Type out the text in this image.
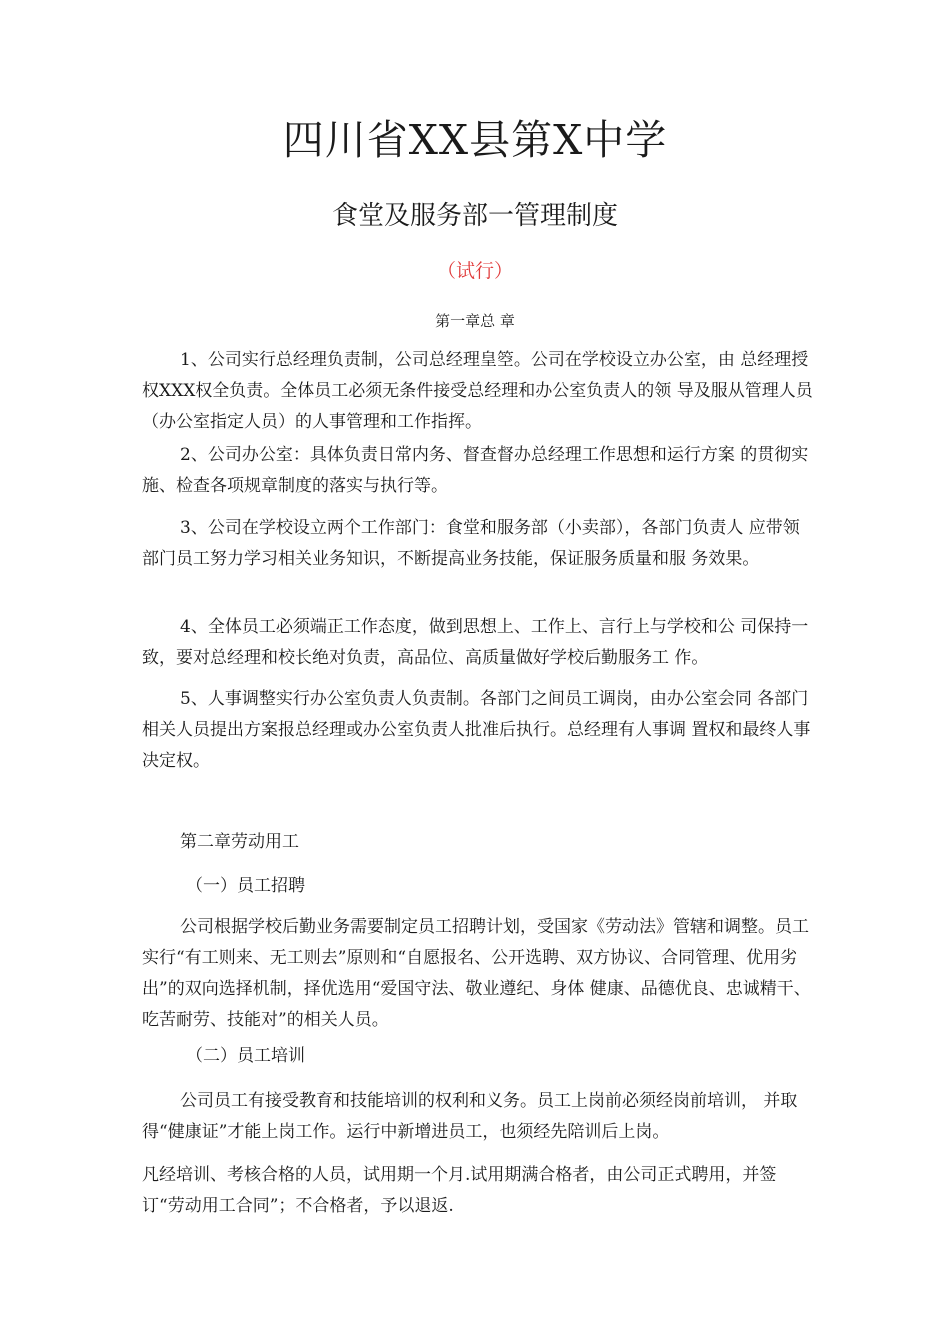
四川省XX县第X中学
食堂及服务部一管理制度
（试行）
第一章总 章

1、公司实行总经理负责制，公司总经理皇箜。公司在学校设立办公室，由 总经理授权XXX权全负责。全体员工必须无条件接受总经理和办公室负责人的领 导及服从管理人员（办公室指定人员）的人事管理和工作指挥。

2、公司办公室：具体负责日常内务、督查督办总经理工作思想和运行方案 的贯彻实施、检查各项规章制度的落实与执行等。

3、公司在学校设立两个工作部门：食堂和服务部（小卖部），各部门负责人 应带领部门员工努力学习相关业务知识，不断提高业务技能，保证服务质量和服 务效果。

4、全体员工必须端正工作态度，做到思想上、工作上、言行上与学校和公 司保持一致，要对总经理和校长绝对负责，高品位、高质量做好学校后勤服务工 作。

5、人事调整实行办公室负责人负责制。各部门之间员工调岗，由办公室会同 各部门相关人员提出方案报总经理或办公室负责人批准后执行。总经理有人事调 置权和最终人事决定权。

第二章劳动用工
（一）员工招聘

公司根据学校后勤业务需要制定员工招聘计划，受国家《劳动法》管辖和调整。员工实行“有工则来、无工则去”原则和“自愿报名、公开选聘、双方协议、合同管理、优用劣出”的双向选择机制，择优选用“爱国守法、敬业遵纪、身体 健康、品德优良、忠诚精干、吃苦耐劳、技能对”的相关人员。

（二）员工培训

公司员工有接受教育和技能培训的权利和义务。员工上岗前必须经岗前培训， 并取得“健康证”才能上岗工作。运行中新增进员工，也须经先陪训后上岗。

凡经培训、考核合格的人员，试用期一个月.试用期满合格者，由公司正式聘用，并签订“劳动用工合同”；不合格者，予以退返.
